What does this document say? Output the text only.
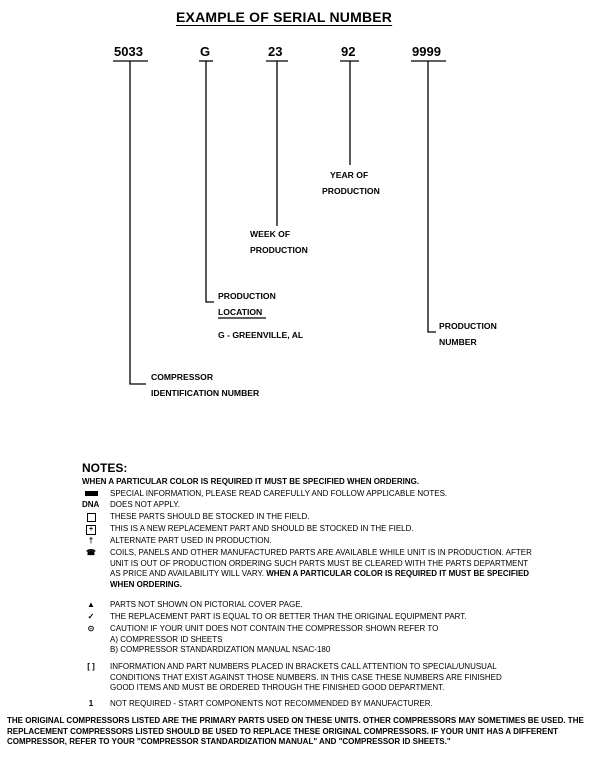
EXAMPLE OF SERIAL NUMBER
5033	G	23	92	9999
YEAR OF
PRODUCTION
WEEK OF
PRODUCTION
PRODUCTION
LOCATION
G - GREENVILLE, AL
PRODUCTION
NUMBER
COMPRESSOR
IDENTIFICATION NUMBER
NOTES:
WHEN A PARTICULAR COLOR IS REQUIRED IT MUST BE SPECIFIED WHEN ORDERING.
SPECIAL INFORMATION, PLEASE READ CAREFULLY AND FOLLOW APPLICABLE NOTES.
DNA DOES NOT APPLY.
THESE PARTS SHOULD BE STOCKED IN THE FIELD.
+	THIS IS A NEW REPLACEMENT PART AND SHOULD BE STOCKED IN THE FIELD.
†	ALTERNATE PART USED IN PRODUCTION.
☎	COILS, PANELS AND OTHER MANUFACTURED PARTS ARE AVAILABLE WHILE UNIT IS IN PRODUCTION. AFTER UNIT IS OUT OF PRODUCTION ORDERING SUCH PARTS MUST BE CLEARED WITH THE PARTS DEPARTMENT AS PRICE AND AVAILABILITY WILL VARY. WHEN A PARTICULAR COLOR IS REQUIRED IT MUST BE SPECIFIED WHEN ORDERING.
▲	PARTS NOT SHOWN ON PICTORIAL COVER PAGE.
✓	THE REPLACEMENT PART IS EQUAL TO OR BETTER THAN THE ORIGINAL EQUIPMENT PART.
⊙	CAUTION! IF YOUR UNIT DOES NOT CONTAIN THE COMPRESSOR SHOWN REFER TO
A) COMPRESSOR ID SHEETS
B) COMPRESSOR STANDARDIZATION MANUAL NSAC-180
[ ]	INFORMATION AND PART NUMBERS PLACED IN BRACKETS CALL ATTENTION TO SPECIAL/UNUSUAL CONDITIONS THAT EXIST AGAINST THOSE NUMBERS. IN THIS CASE THESE NUMBERS ARE FINISHED GOOD ITEMS AND MUST BE ORDERED THROUGH THE FINISHED GOOD DEPARTMENT.
1	NOT REQUIRED - START COMPONENTS NOT RECOMMENDED BY MANUFACTURER.
THE ORIGINAL COMPRESSORS LISTED ARE THE PRIMARY PARTS USED ON THESE UNITS. OTHER COMPRESSORS MAY SOMETIMES BE USED. THE REPLACEMENT COMPRESSORS LISTED SHOULD BE USED TO REPLACE THESE ORIGINAL COMPRESSORS. IF YOUR UNIT HAS A DIFFERENT COMPRESSOR, REFER TO YOUR "COMPRESSOR STANDARDIZATION MANUAL" AND "COMPRESSOR ID SHEETS."
